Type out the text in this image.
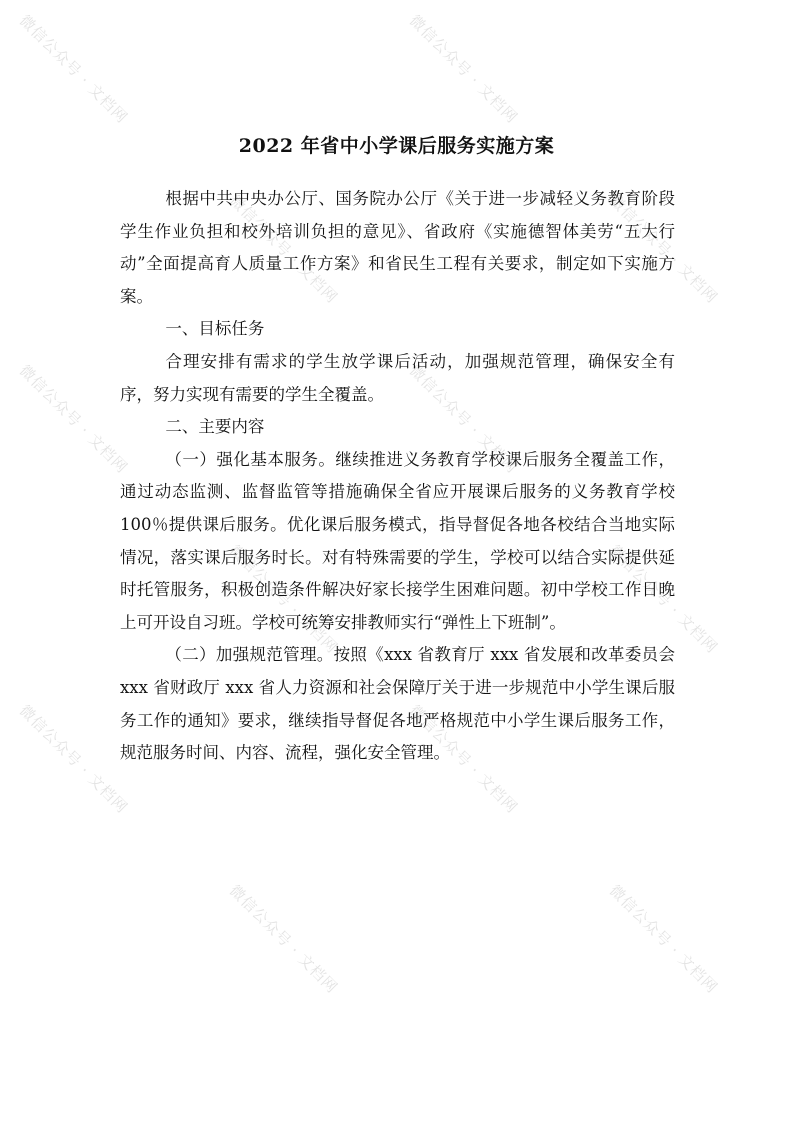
微信公众号 · 文档网	微信公众号 · 文档网
微信公众号 · 文档网	微信公众号 · 文档网
微信公众号 · 文档网	微信公众号 · 文档网
微信公众号 · 文档网	微信公众号 · 文档网
微信公众号 · 文档网	微信公众号 · 文档网
微信公众号 · 文档网	微信公众号 · 文档网
2022 年省中小学课后服务实施方案

根据中共中央办公厅、国务院办公厅《关于进一步减轻义务教育阶段学生作业负担和校外培训负担的意见》、省政府《实施德智体美劳“五大行动”全面提高育人质量工作方案》和省民生工程有关要求，制定如下实施方案。

一、目标任务

合理安排有需求的学生放学课后活动，加强规范管理，确保安全有序，努力实现有需要的学生全覆盖。

二、主要内容

（一）强化基本服务。继续推进义务教育学校课后服务全覆盖工作，通过动态监测、监督监管等措施确保全省应开展课后服务的义务教育学校 100％提供课后服务。优化课后服务模式，指导督促各地各校结合当地实际情况，落实课后服务时长。对有特殊需要的学生，学校可以结合实际提供延时托管服务，积极创造条件解决好家长接学生困难问题。初中学校工作日晚上可开设自习班。学校可统筹安排教师实行“弹性上下班制”。

（二）加强规范管理。按照《xxx 省教育厅 xxx 省发展和改革委员会 xxx 省财政厅 xxx 省人力资源和社会保障厅关于进一步规范中小学生课后服务工作的通知》要求，继续指导督促各地严格规范中小学生课后服务工作，规范服务时间、内容、流程，强化安全管理。
